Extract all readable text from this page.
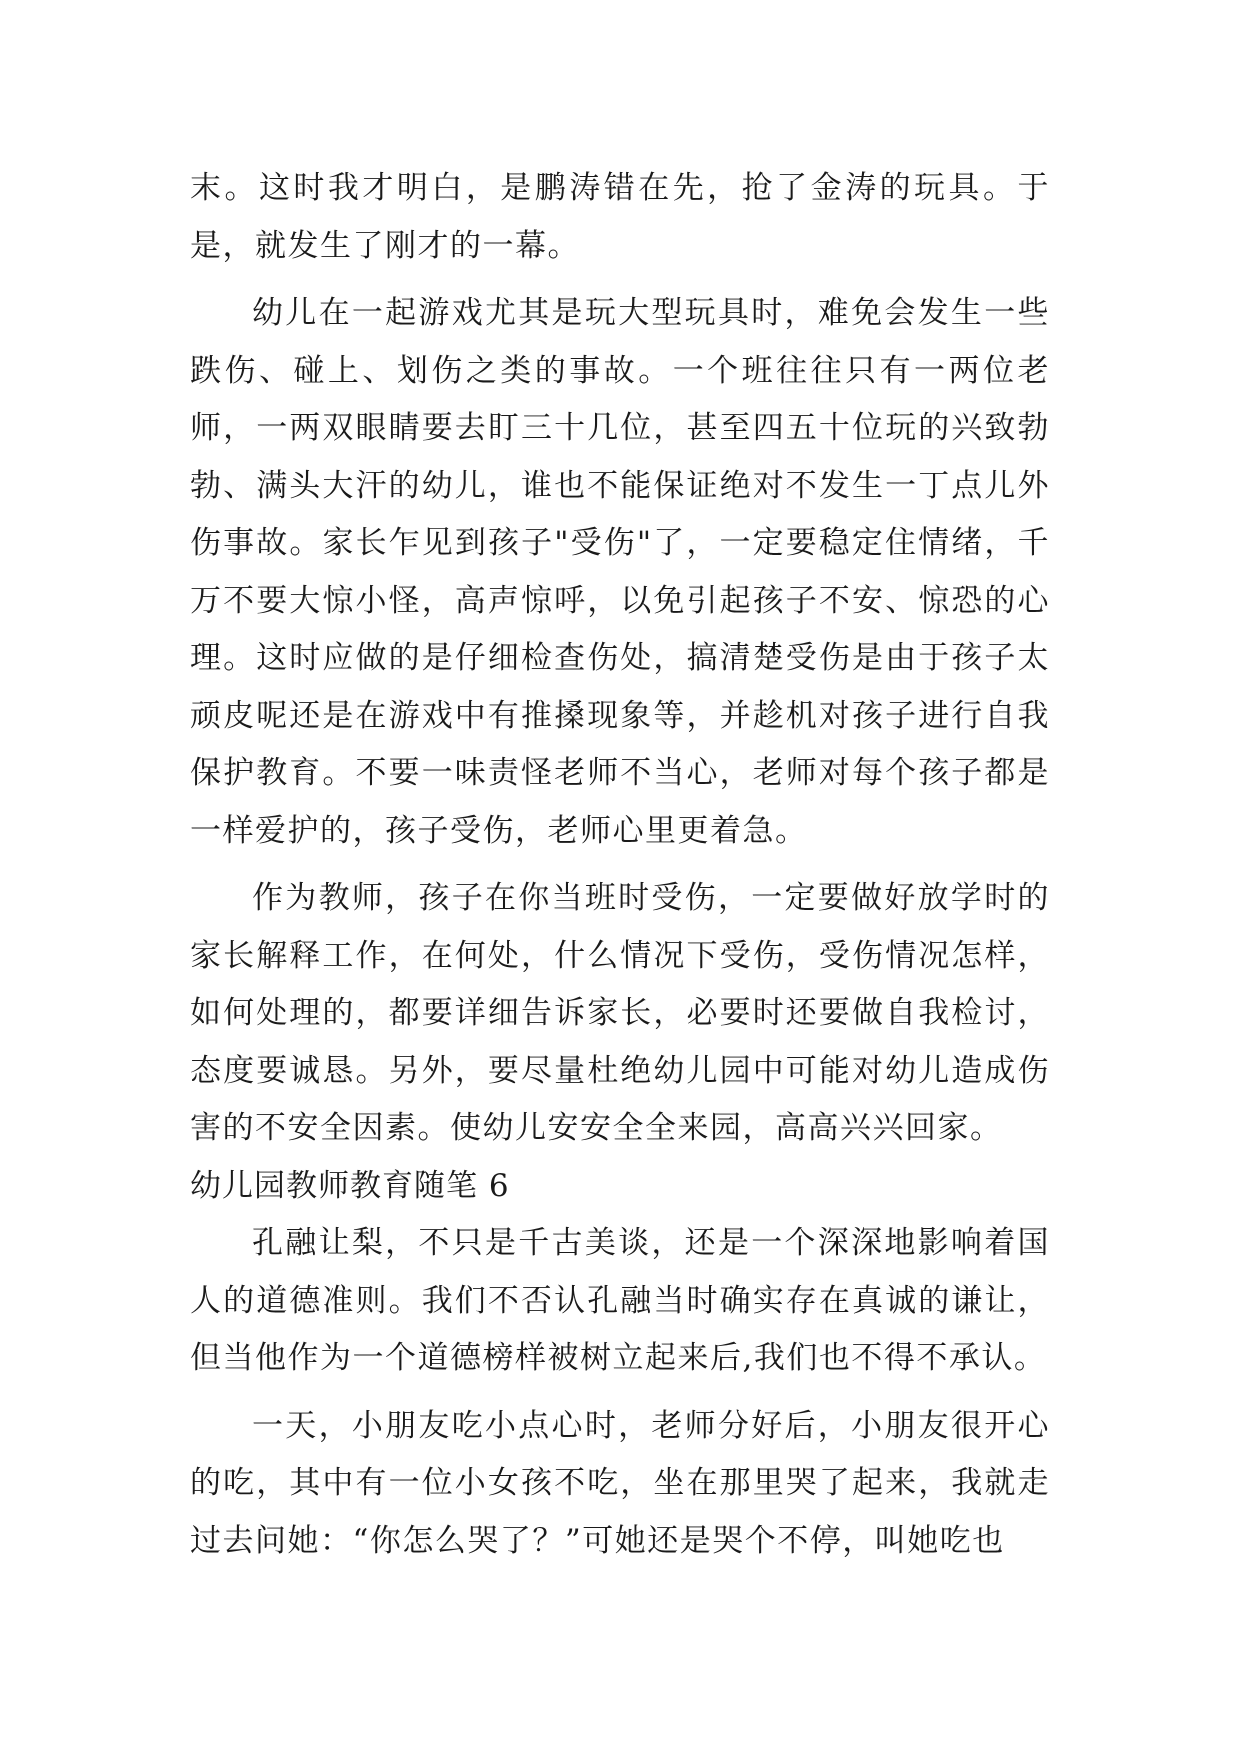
末。这时我才明白，是鹏涛错在先，抢了金涛的玩具。于是，就发生了刚才的一幕。

幼儿在一起游戏尤其是玩大型玩具时，难免会发生一些跌伤、碰上、划伤之类的事故。一个班往往只有一两位老师，一两双眼睛要去盯三十几位，甚至四五十位玩的兴致勃勃、满头大汗的幼儿，谁也不能保证绝对不发生一丁点儿外伤事故。家长乍见到孩子"受伤"了，一定要稳定住情绪，千万不要大惊小怪，高声惊呼，以免引起孩子不安、惊恐的心理。这时应做的是仔细检查伤处，搞清楚受伤是由于孩子太顽皮呢还是在游戏中有推搡现象等，并趁机对孩子进行自我保护教育。不要一味责怪老师不当心，老师对每个孩子都是一样爱护的，孩子受伤，老师心里更着急。

作为教师，孩子在你当班时受伤，一定要做好放学时的家长解释工作，在何处，什么情况下受伤，受伤情况怎样，如何处理的，都要详细告诉家长，必要时还要做自我检讨，态度要诚恳。另外，要尽量杜绝幼儿园中可能对幼儿造成伤害的不安全因素。使幼儿安安全全来园，高高兴兴回家。

幼儿园教师教育随笔 6

孔融让梨，不只是千古美谈，还是一个深深地影响着国人的道德准则。我们不否认孔融当时确实存在真诚的谦让，但当他作为一个道德榜样被树立起来后,我们也不得不承认。

一天，小朋友吃小点心时，老师分好后，小朋友很开心的吃，其中有一位小女孩不吃，坐在那里哭了起来，我就走过去问她：“你怎么哭了？”可她还是哭个不停，叫她吃也
